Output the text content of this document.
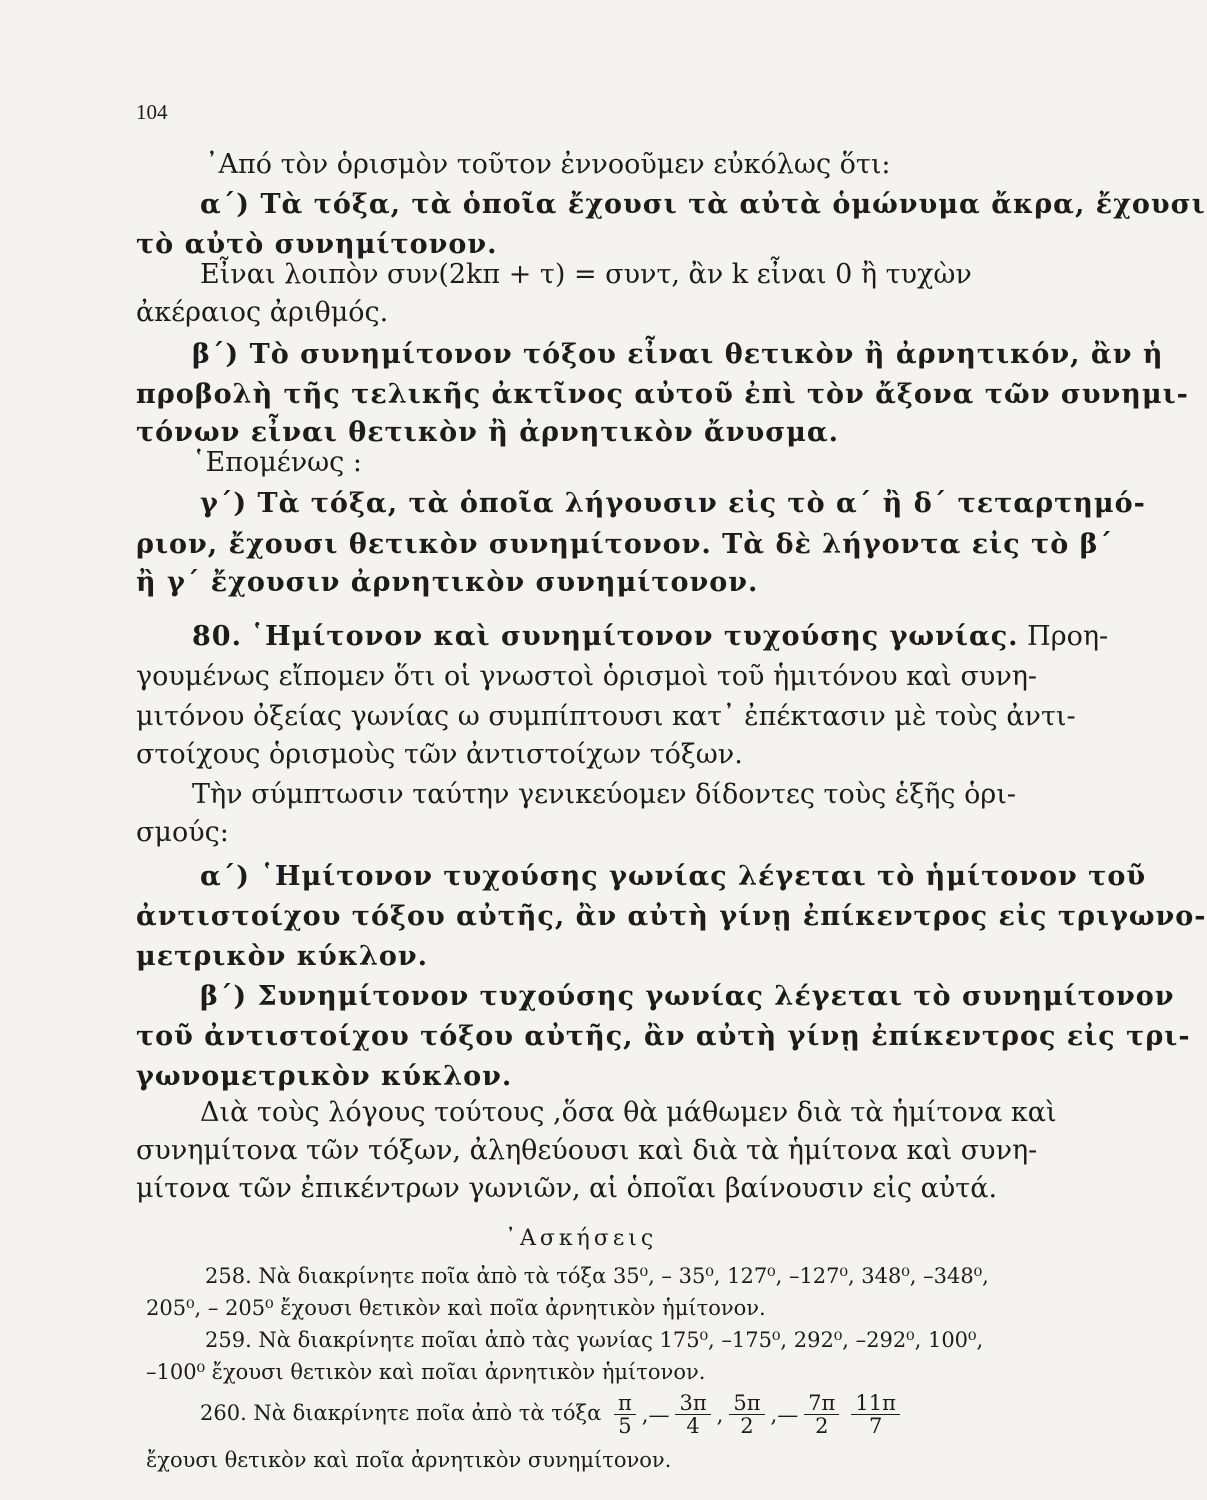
104
᾿Από τὸν ὁρισμὸν τοῦτον ἐννοοῦμεν εὐκόλως ὅτι:
α΄) Τὰ τόξα, τὰ ὁποῖα ἔχουσι τὰ αὐτὰ ὁμώνυμα ἄκρα, ἔχουσι
τὸ αὐτὸ συνημίτονον.
Εἶναι λοιπὸν συν(2kπ + τ) = συντ, ἂν k εἶναι 0 ἢ τυχὼν
ἀκέραιος ἀριθμός.
β΄) Τὸ συνημίτονον τόξου εἶναι θετικὸν ἢ ἀρνητικόν, ἂν ἡ
προβολὴ τῆς τελικῆς ἀκτῖνος αὐτοῦ ἐπὶ τὸν ἄξονα τῶν συνημι-
τόνων εἶναι θετικὸν ἢ ἀρνητικὸν ἄνυσμα.
῾Επομένως :
γ΄) Τὰ τόξα, τὰ ὁποῖα λήγουσιν εἰς τὸ α΄ ἢ δ΄ τεταρτημό-
ριον, ἔχουσι θετικὸν συνημίτονον. Τὰ δὲ λήγοντα εἰς τὸ β΄
ἢ γ΄ ἔχουσιν ἀρνητικὸν συνημίτονον.
80. ῾Ημίτονον καὶ συνημίτονον τυχούσης γωνίας. Προη-
γουμένως εἴπομεν ὅτι οἱ γνωστοὶ ὁρισμοὶ τοῦ ἡμιτόνου καὶ συνη-
μιτόνου ὀξείας γωνίας ω συμπίπτουσι κατ᾿ ἐπέκτασιν μὲ τοὺς ἀντι-
στοίχους ὁρισμοὺς τῶν ἀντιστοίχων τόξων.
Τὴν σύμπτωσιν ταύτην γενικεύομεν δίδοντες τοὺς ἑξῆς ὁρι-
σμούς:
α΄) ῾Ημίτονον τυχούσης γωνίας λέγεται τὸ ἡμίτονον τοῦ
ἀντιστοίχου τόξου αὐτῆς, ἂν αὐτὴ γίνῃ ἐπίκεντρος εἰς τριγωνο-
μετρικὸν κύκλον.
β΄) Συνημίτονον τυχούσης γωνίας λέγεται τὸ συνημίτονον
τοῦ ἀντιστοίχου τόξου αὐτῆς, ἂν αὐτὴ γίνῃ ἐπίκεντρος εἰς τρι-
γωνομετρικὸν κύκλον.
Διὰ τοὺς λόγους τούτους ,ὅσα θὰ μάθωμεν διὰ τὰ ἡμίτονα καὶ
συνημίτονα τῶν τόξων, ἀληθεύουσι καὶ διὰ τὰ ἡμίτονα καὶ συνη-
μίτονα τῶν ἐπικέντρων γωνιῶν, αἱ ὁποῖαι βαίνουσιν εἰς αὐτά.
᾿Ασκήσεις
258. Νὰ διακρίνητε ποῖα ἀπὸ τὰ τόξα 35⁰, – 35⁰, 127⁰, –127⁰, 348⁰, –348⁰,
205⁰, – 205⁰ ἔχουσι θετικὸν καὶ ποῖα ἀρνητικὸν ἡμίτονον.
259. Νὰ διακρίνητε ποῖαι ἀπὸ τὰς γωνίας 175⁰, –175⁰, 292⁰, –292⁰, 100⁰,
–100⁰ ἔχουσι θετικὸν καὶ ποῖαι ἀρνητικὸν ἡμίτονον.
260. Νὰ διακρίνητε ποῖα ἀπὸ τὰ τόξα $\frac{\pi}{5}$ ,— $\frac{3\pi}{4}$ , $\frac{5\pi}{2}$ ,— $\frac{7\pi}{2} \frac{11\pi}{7}$
ἔχουσι θετικὸν καὶ ποῖα ἀρνητικὸν συνημίτονον.
